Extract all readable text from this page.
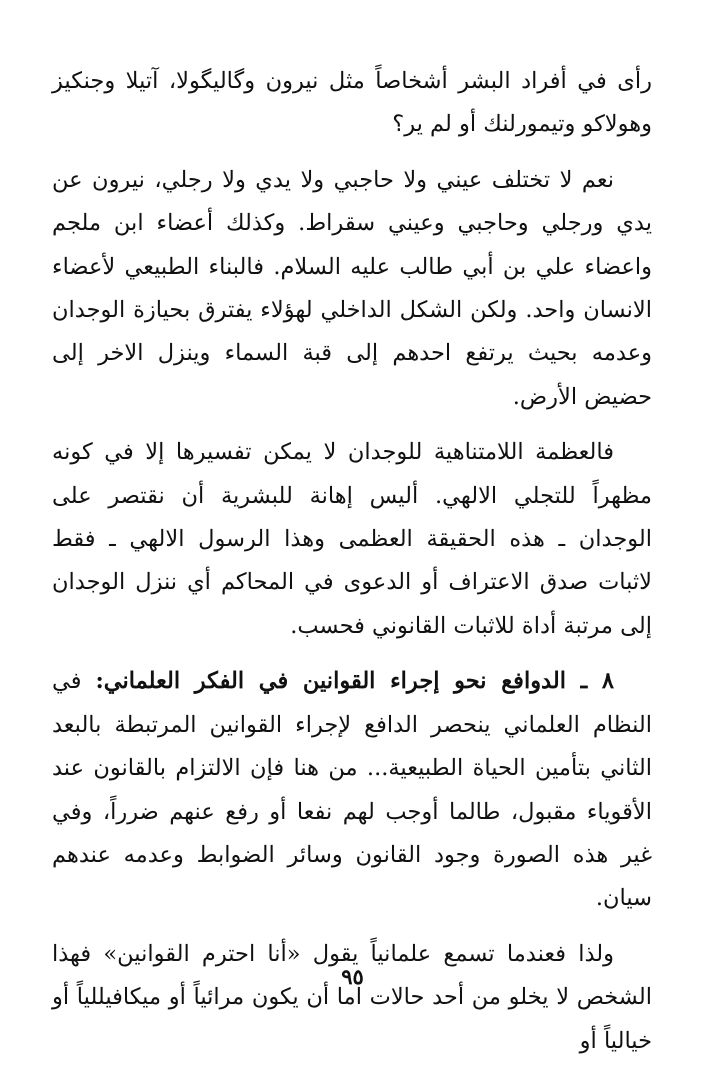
رأى في أفراد البشر أشخاصاً مثل نيرون وگاليگولا، آتيلا وجنكيز وهولاكو وتيمورلنك أو لم ير؟

نعم لا تختلف عيني ولا حاجبي ولا يدي ولا رجلي، نيرون عن يدي ورجلي وحاجبي وعيني سقراط. وكذلك أعضاء ابن ملجم واعضاء علي بن أبي طالب عليه السلام. فالبناء الطبيعي لأعضاء الانسان واحد. ولكن الشكل الداخلي لهؤلاء يفترق بحيازة الوجدان وعدمه بحيث يرتفع احدهم إلى قبة السماء وينزل الاخر إلى حضيض الأرض.

فالعظمة اللامتناهية للوجدان لا يمكن تفسيرها إلا في كونه مظهراً للتجلي الالهي. أليس إهانة للبشرية أن نقتصر على الوجدان ـ هذه الحقيقة العظمى وهذا الرسول الالهي ـ فقط لاثبات صدق الاعتراف أو الدعوى في المحاكم أي ننزل الوجدان إلى مرتبة أداة للاثبات القانوني فحسب.

٨ ـ الدوافع نحو إجراء القوانين في الفكر العلماني: في النظام العلماني ينحصر الدافع لإجراء القوانين المرتبطة بالبعد الثاني بتأمين الحياة الطبيعية... من هنا فإن الالتزام بالقانون عند الأقوياء مقبول، طالما أوجب لهم نفعا أو رفع عنهم ضرراً، وفي غير هذه الصورة وجود القانون وسائر الضوابط وعدمه عندهم سيان.

ولذا فعندما تسمع علمانياً يقول «أنا احترم القوانين» فهذا الشخص لا يخلو من أحد حالات اما أن يكون مرائياً أو ميكافيللياً أو خيالياً أو

٩٥
